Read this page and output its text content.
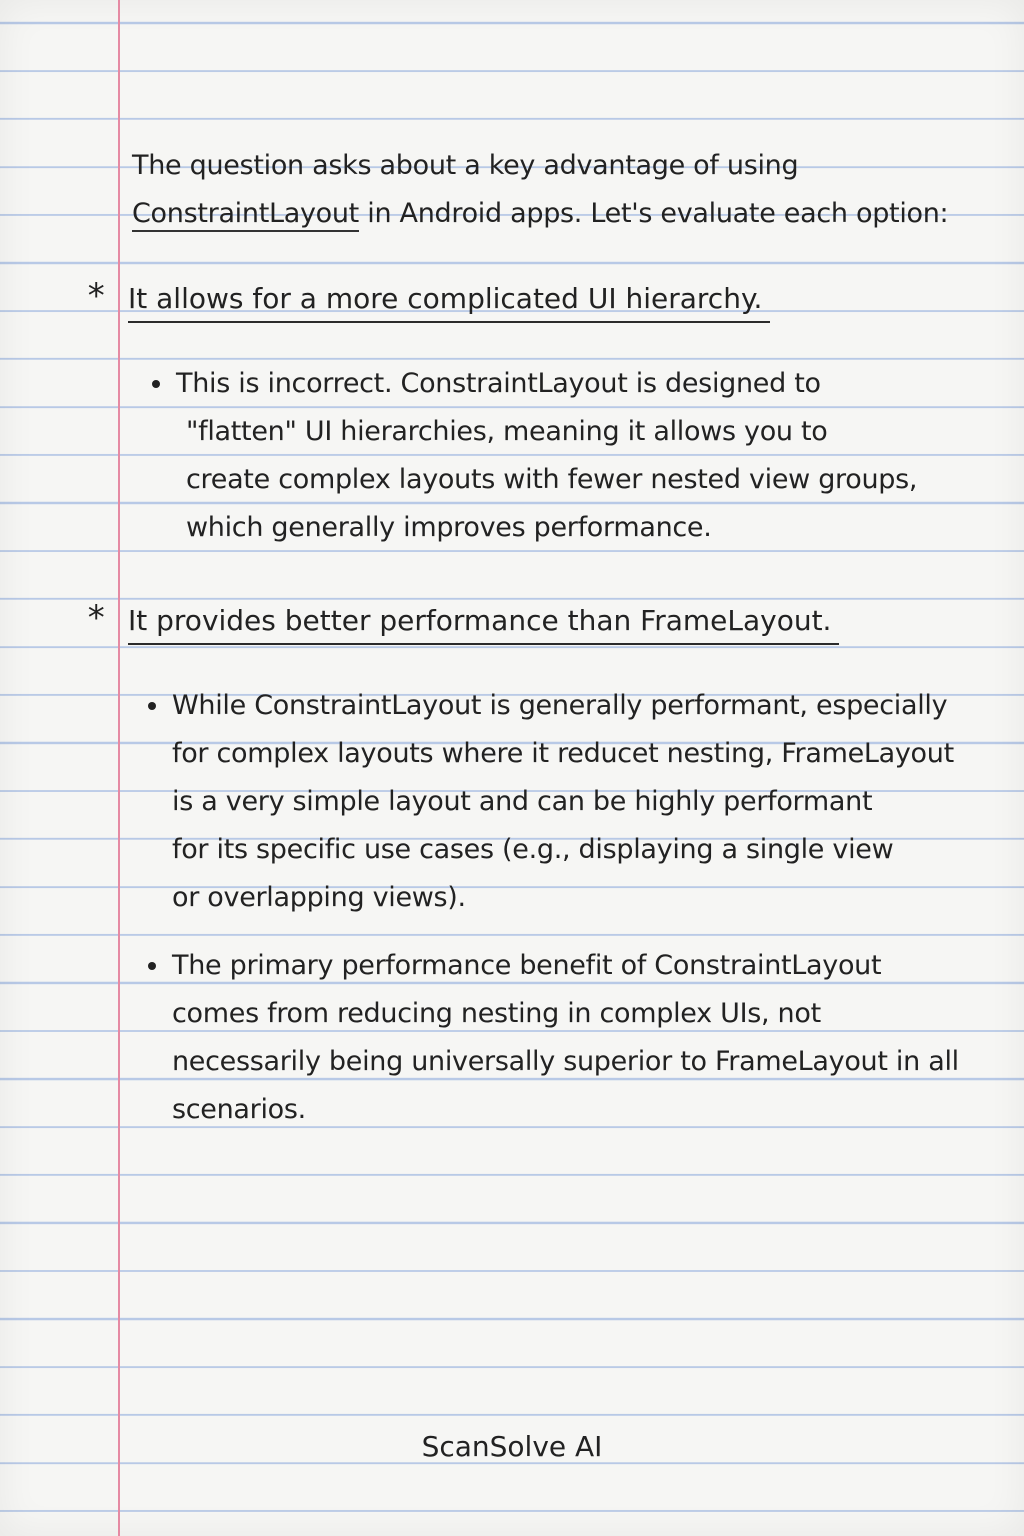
The question asks about a key advantage of using
ConstraintLayout in Android apps. Let's evaluate each option:
* It allows for a more complicated UI hierarchy.
This is incorrect. ConstraintLayout is designed to
"flatten" UI hierarchies, meaning it allows you to
create complex layouts with fewer nested view groups,
which generally improves performance.
* It provides better performance than FrameLayout.
While ConstraintLayout is generally performant, especially
for complex layouts where it reducet nesting, FrameLayout
is a very simple layout and can be highly performant
for its specific use cases (e.g., displaying a single view
or overlapping views).
The primary performance benefit of ConstraintLayout
comes from reducing nesting in complex UIs, not
necessarily being universally superior to FrameLayout in all
scenarios.
ScanSolve AI
